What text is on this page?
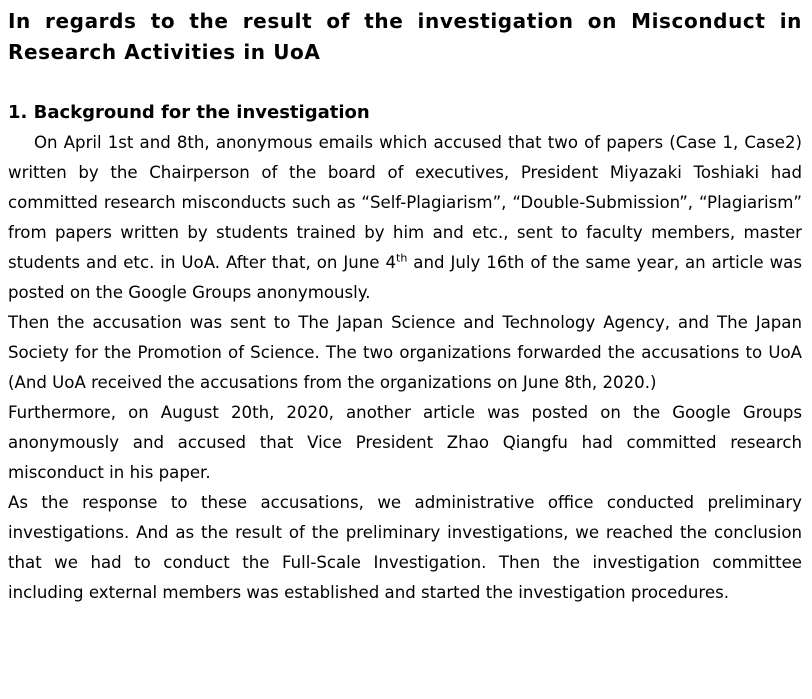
In regards to the result of the investigation on Misconduct in Research Activities in UoA
1. Background for the investigation

On April 1st and 8th, anonymous emails which accused that two of papers (Case 1, Case2) written by the Chairperson of the board of executives, President Miyazaki Toshiaki had committed research misconducts such as “Self-Plagiarism”, “Double-Submission”, “Plagiarism” from papers written by students trained by him and etc., sent to faculty members, master students and etc. in UoA. After that, on June 4th and July 16th of the same year, an article was posted on the Google Groups anonymously.

Then the accusation was sent to The Japan Science and Technology Agency, and The Japan Society for the Promotion of Science. The two organizations forwarded the accusations to UoA (And UoA received the accusations from the organizations on June 8th, 2020.)

Furthermore, on August 20th, 2020, another article was posted on the Google Groups anonymously and accused that Vice President Zhao Qiangfu had committed research misconduct in his paper.

As the response to these accusations, we administrative office conducted preliminary investigations. And as the result of the preliminary investigations, we reached the conclusion that we had to conduct the Full-Scale Investigation. Then the investigation committee including external members was established and started the investigation procedures.
